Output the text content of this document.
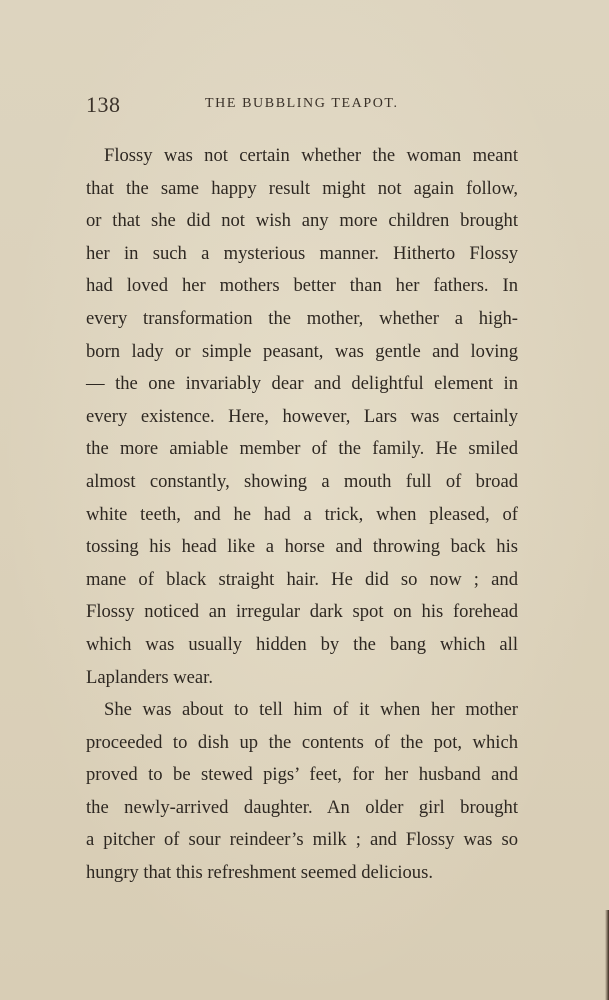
138	THE BUBBLING TEAPOT.
Flossy was not certain whether the woman meant
that the same happy result might not again follow,
or that she did not wish any more children brought
her in such a mysterious manner. Hitherto Flossy
had loved her mothers better than her fathers. In
every transformation the mother, whether a high-
born lady or simple peasant, was gentle and loving
— the one invariably dear and delightful element in
every existence. Here, however, Lars was certainly
the more amiable member of the family. He smiled
almost constantly, showing a mouth full of broad
white teeth, and he had a trick, when pleased, of
tossing his head like a horse and throwing back his
mane of black straight hair. He did so now ; and
Flossy noticed an irregular dark spot on his forehead
which was usually hidden by the bang which all
Laplanders wear.
She was about to tell him of it when her mother
proceeded to dish up the contents of the pot, which
proved to be stewed pigs’ feet, for her husband and
the newly-arrived daughter. An older girl brought
a pitcher of sour reindeer’s milk ; and Flossy was so
hungry that this refreshment seemed delicious.
